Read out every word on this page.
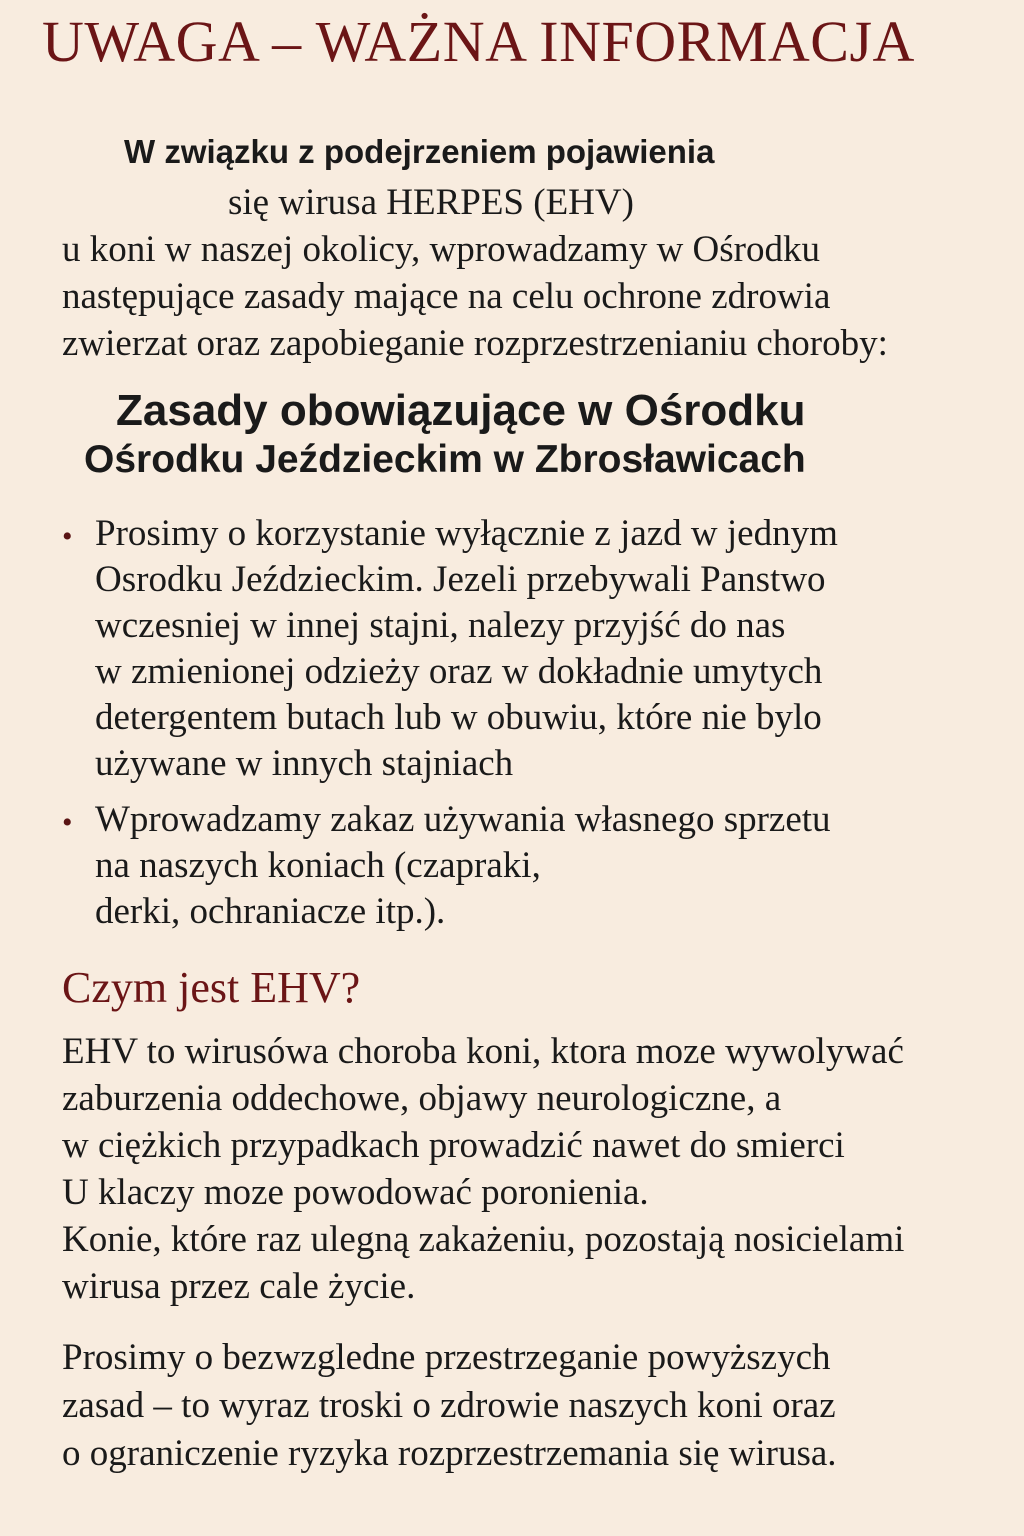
UWAGA – WAŻNA INFORMACJA
W związku z podejrzeniem pojawienia
się wirusa HERPES (EHV)
u koni w naszej okolicy, wprowadzamy w Ośrodku
następujące zasady mające na celu ochrone zdrowia
zwierzat oraz zapobieganie rozprzestrzenianiu choroby:
Zasady obowiązujące w Ośrodku
Ośrodku Jeździeckim w Zbrosławicach
• Prosimy o korzystanie wyłącznie z jazd w jednym
Osrodku Jeździeckim. Jezeli przebywali Panstwo
wczesniej w innej stajni, nalezy przyjść do nas
w zmienionej odzieży oraz w dokładnie umytych
detergentem butach lub w obuwiu, które nie bylo
używane w innych stajniach
• Wprowadzamy zakaz używania własnego sprzetu
na naszych koniach (czapraki,
derki, ochraniacze itp.).
Czym jest EHV?
EHV to wirusówa choroba koni, ktora moze wywolywać
zaburzenia oddechowe, objawy neurologiczne, a
w ciężkich przypadkach prowadzić nawet do smierci
U klaczy moze powodować poronienia.
Konie, które raz ulegną zakażeniu, pozostają nosicielami
wirusa przez cale życie.
Prosimy o bezwzgledne przestrzeganie powyższych
zasad – to wyraz troski o zdrowie naszych koni oraz
o ograniczenie ryzyka rozprzestrzemania się wirusa.
